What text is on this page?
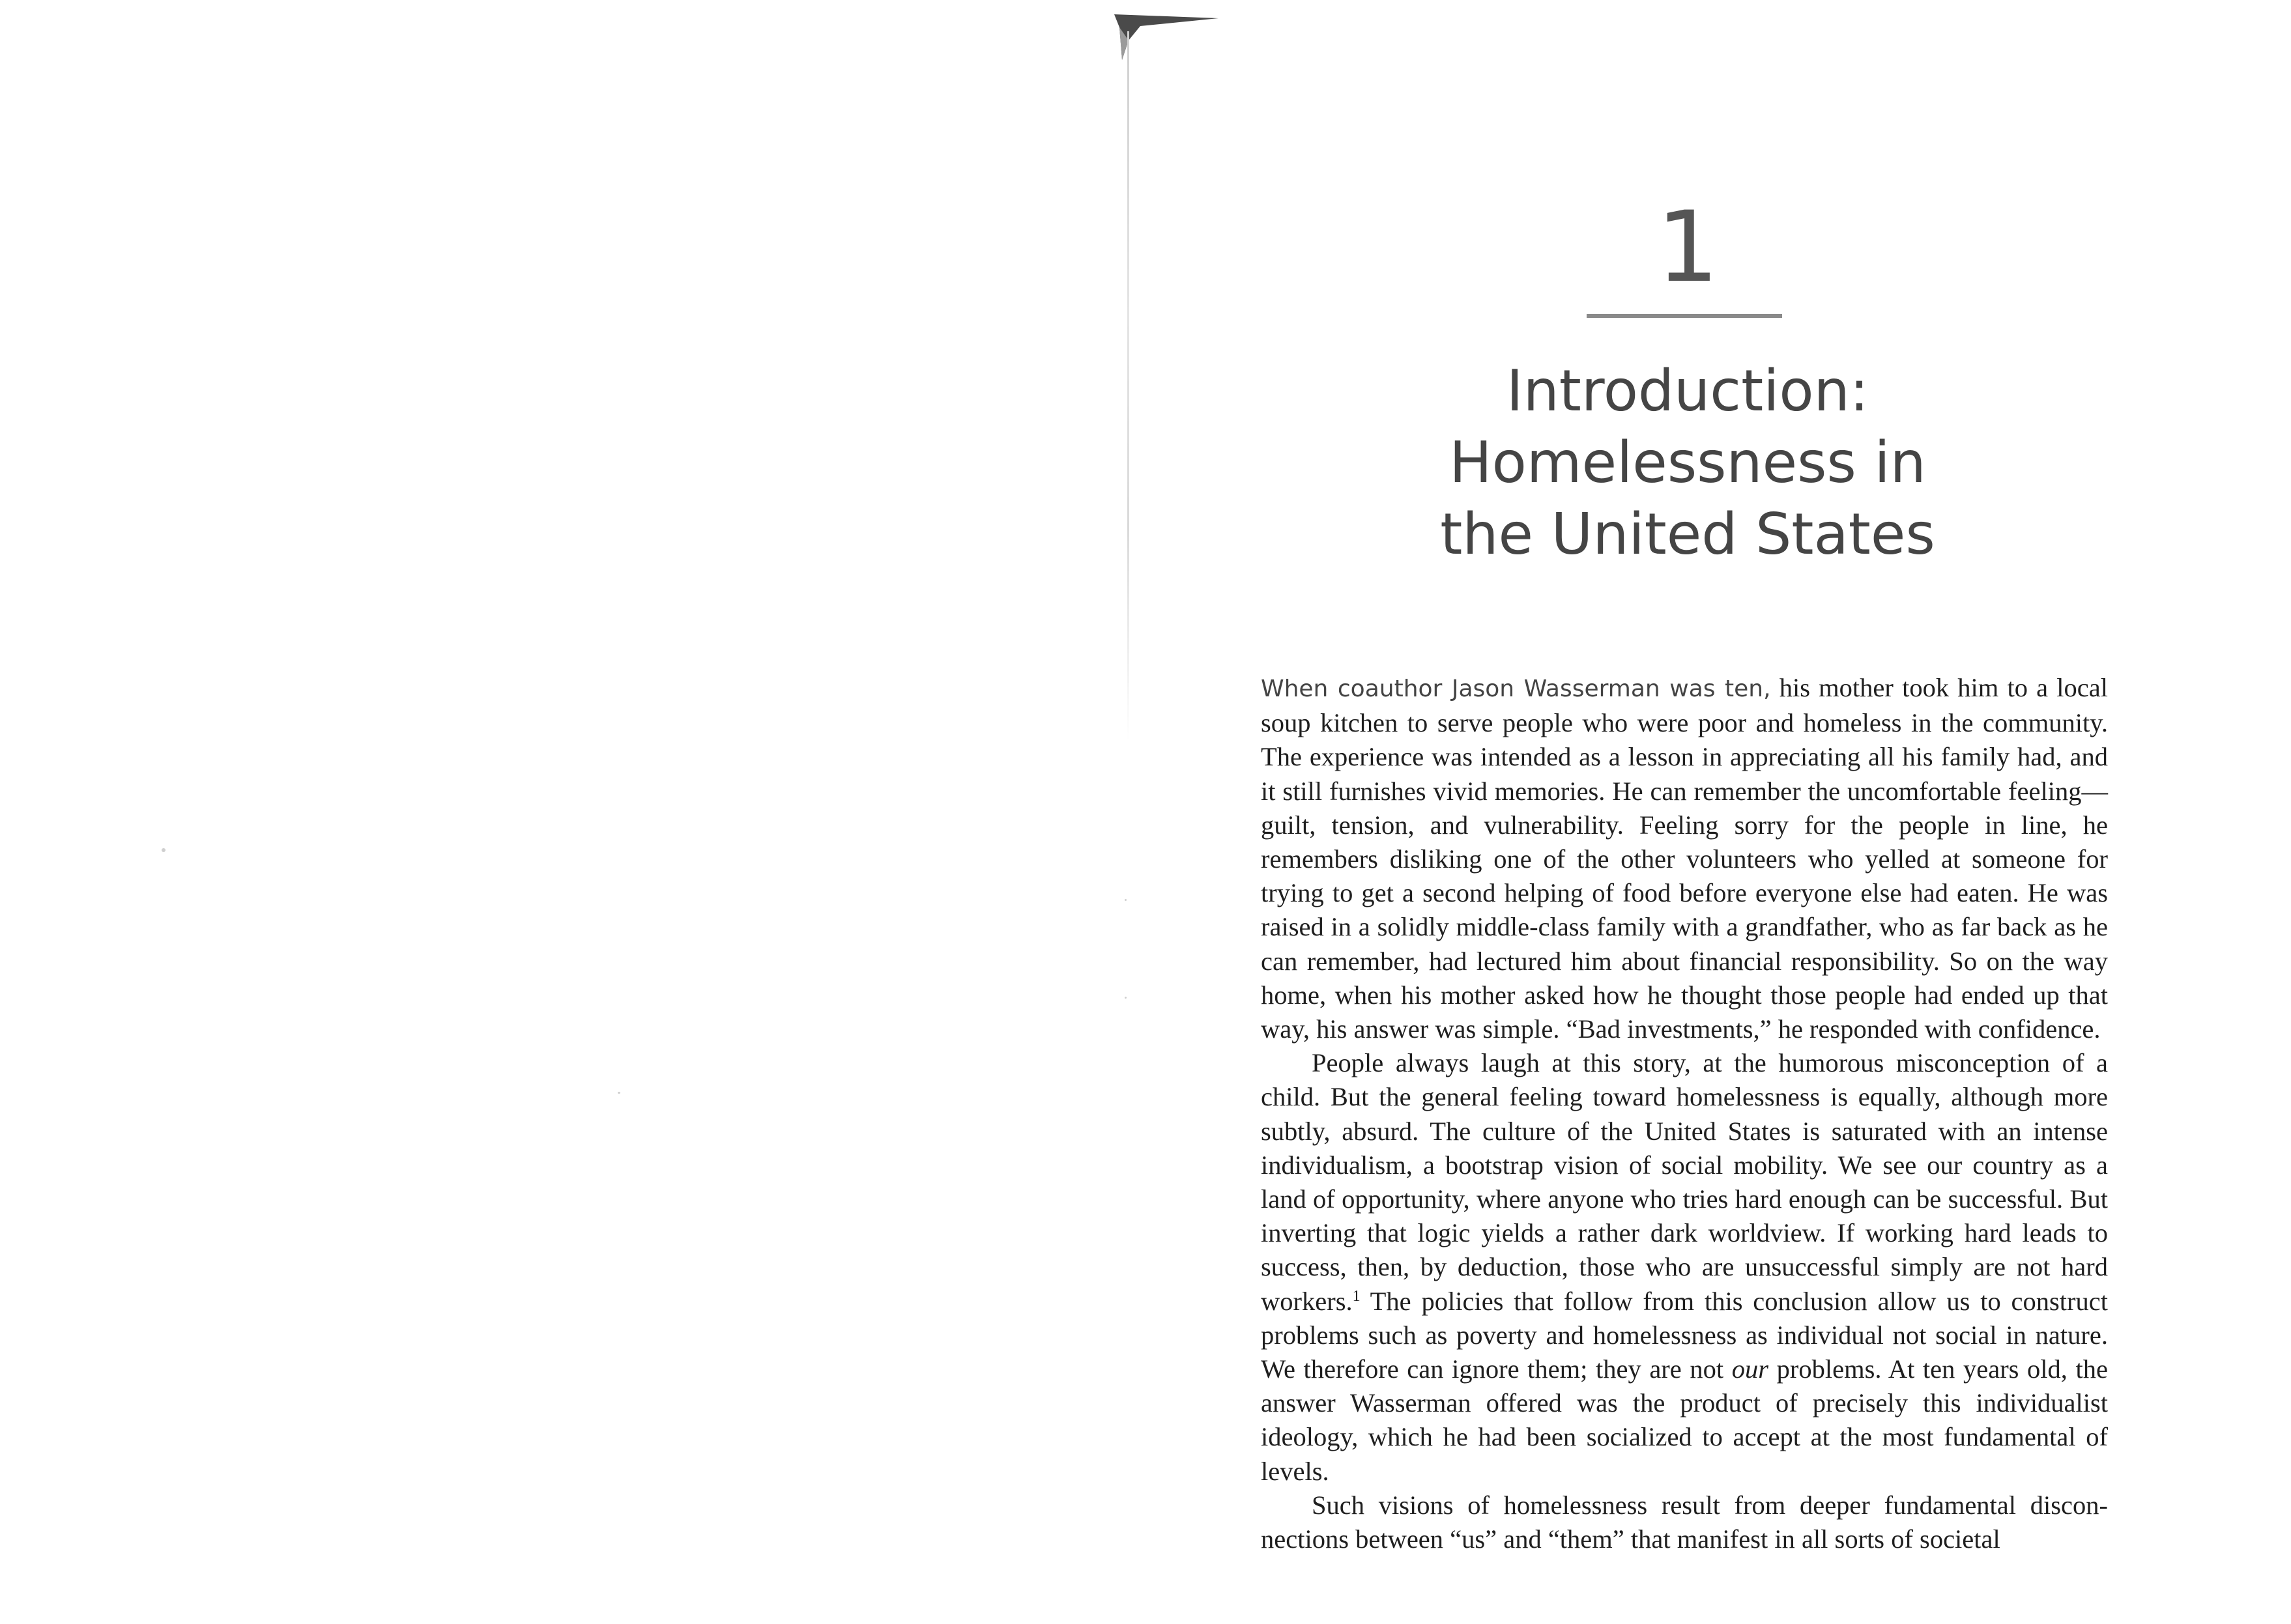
1
Introduction:
Homelessness in
the United States

When coauthor Jason Wasserman was ten, his mother took him to a local soup kitchen to serve people who were poor and homeless in the community. The experience was intended as a lesson in appreciating all his family had, and it still furnishes vivid memories. He can remember the uncomfortable feeling—guilt, tension, and vulnerability. Feeling sorry for the people in line, he remembers disliking one of the other volunteers who yelled at someone for trying to get a second helping of food before everyone else had eaten. He was raised in a solidly middle-class family with a grandfather, who as far back as he can remember, had lectured him about financial responsibility. So on the way home, when his mother asked how he thought those people had ended up that way, his answer was simple. “Bad investments,” he responded with confidence.

People always laugh at this story, at the humorous misconception of a child. But the general feeling toward homelessness is equally, although more subtly, absurd. The culture of the United States is saturated with an intense individualism, a bootstrap vision of social mobility. We see our country as a land of opportunity, where anyone who tries hard enough can be successful. But inverting that logic yields a rather dark worldview. If working hard leads to success, then, by deduction, those who are unsuccessful simply are not hard workers.$^1$ The policies that follow from this conclusion allow us to construct problems such as poverty and homelessness as individual not social in nature. We therefore can ignore them; they are not our problems. At ten years old, the answer Wasserman offered was the product of precisely this individualist ideology, which he had been socialized to accept at the most fundamental of levels.

Such visions of homelessness result from deeper fundamental disconnections between “us” and “them” that manifest in all sorts of societal
